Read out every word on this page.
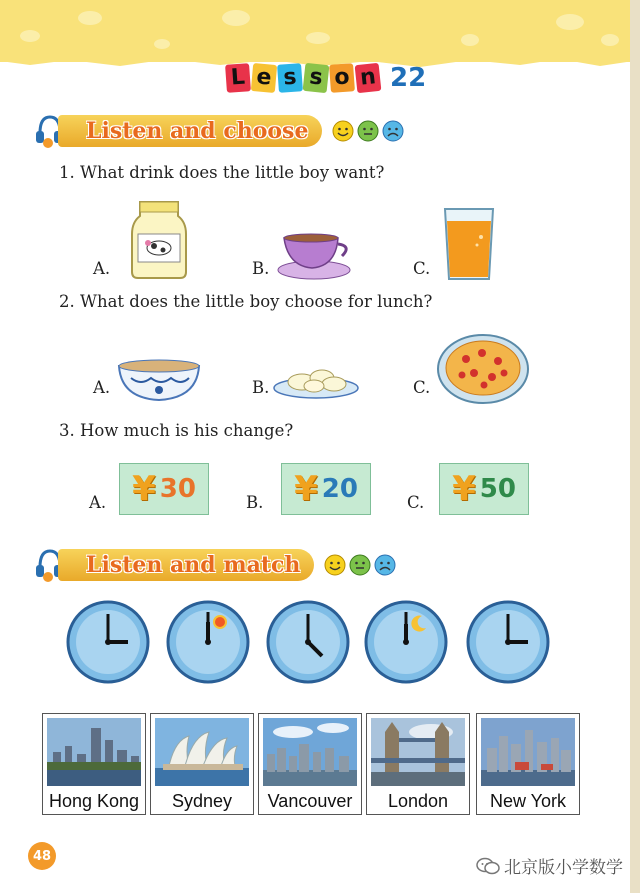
L e s s o n 22
Listen and choose
1. What drink does the little boy want?
A.	B.	C.
2. What does the little boy choose for lunch?
A.	B.	C.
3. How much is his change?
A. ¥ 30	B. ¥ 20	C. ¥ 50
Listen and match
Hong Kong	Sydney	Vancouver	London	New York
48
北京版小学数学
